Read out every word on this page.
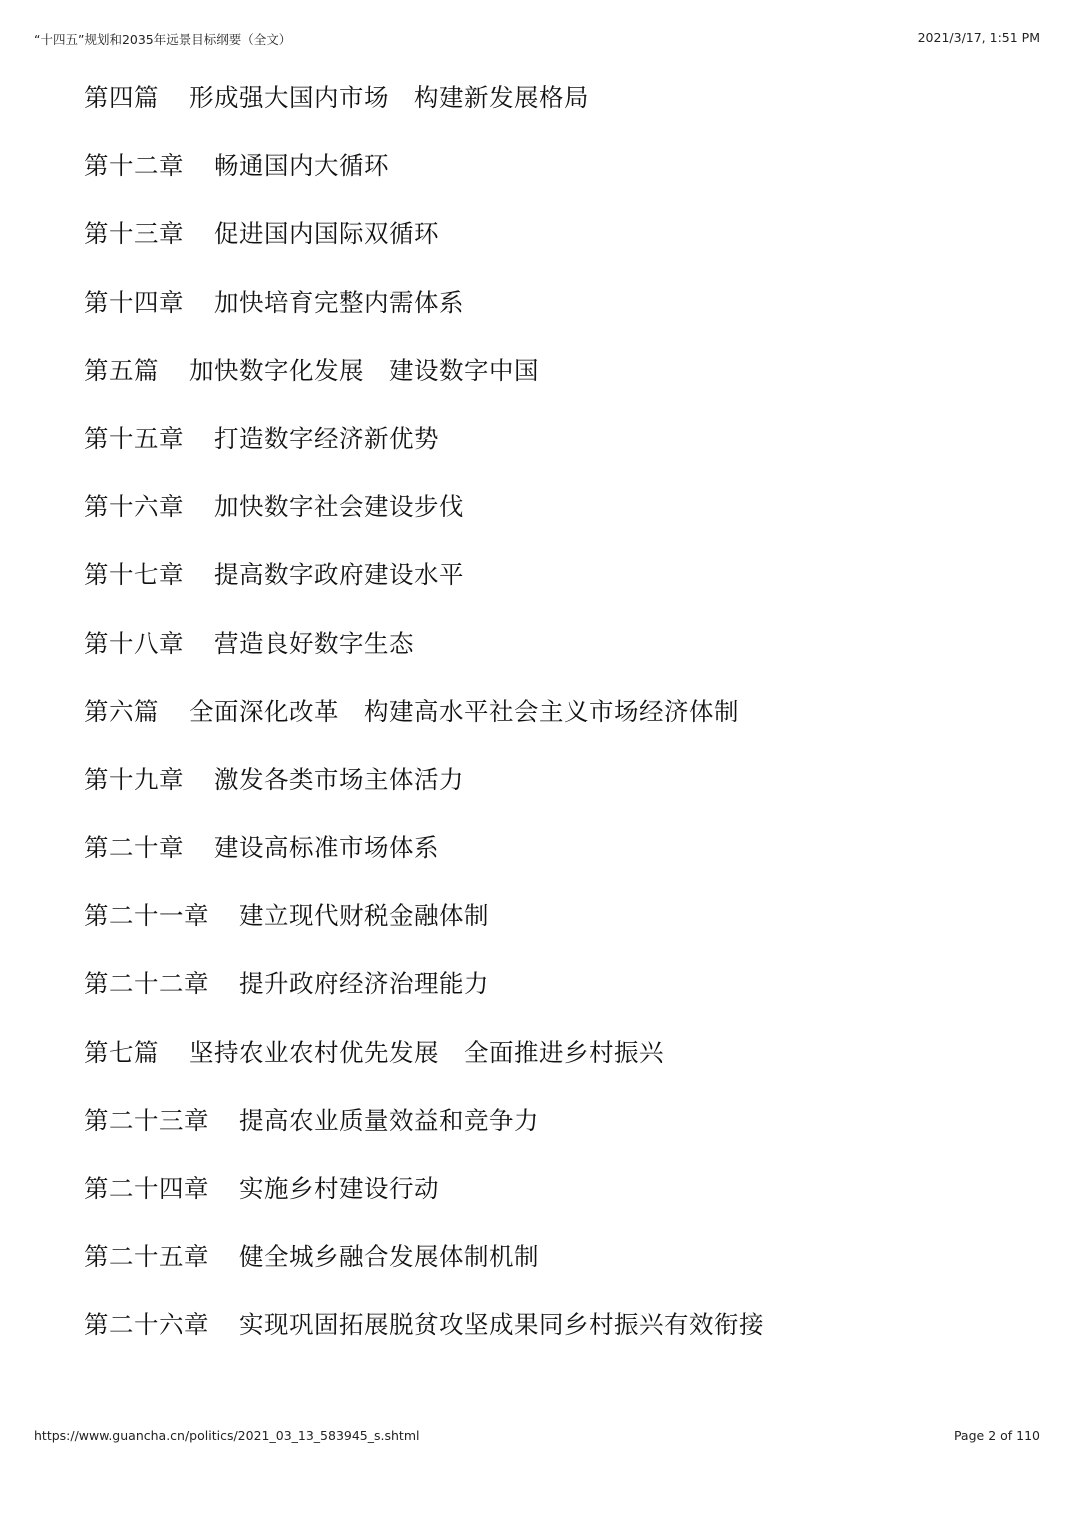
“十四五”规划和2035年远景目标纲要（全文）	2021/3/17, 1:51 PM
第四篇 形成强大国内市场　构建新发展格局
第十二章 畅通国内大循环
第十三章 促进国内国际双循环
第十四章 加快培育完整内需体系
第五篇 加快数字化发展　建设数字中国
第十五章 打造数字经济新优势
第十六章 加快数字社会建设步伐
第十七章 提高数字政府建设水平
第十八章 营造良好数字生态
第六篇 全面深化改革　构建高水平社会主义市场经济体制
第十九章 激发各类市场主体活力
第二十章 建设高标准市场体系
第二十一章 建立现代财税金融体制
第二十二章 提升政府经济治理能力
第七篇 坚持农业农村优先发展　全面推进乡村振兴
第二十三章 提高农业质量效益和竞争力
第二十四章 实施乡村建设行动
第二十五章 健全城乡融合发展体制机制
第二十六章 实现巩固拓展脱贫攻坚成果同乡村振兴有效衔接
https://www.guancha.cn/politics/2021_03_13_583945_s.shtml	Page 2 of 110
